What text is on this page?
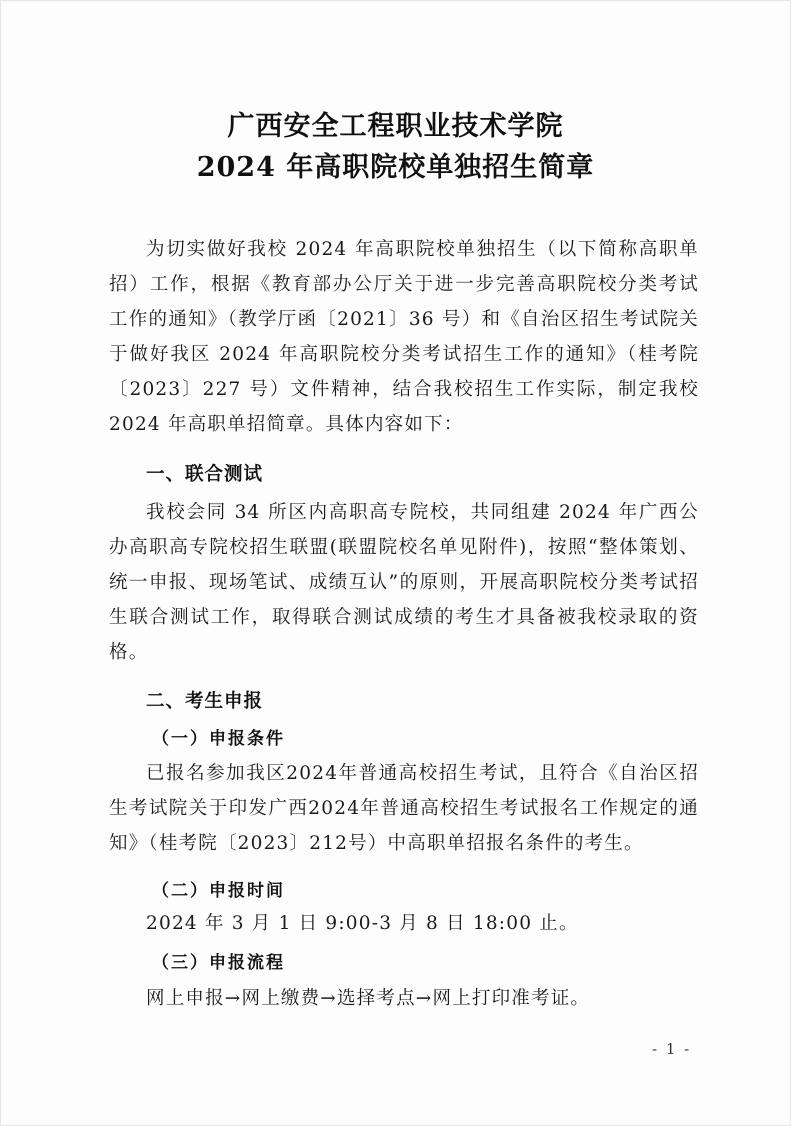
广西安全工程职业技术学院
2024 年高职院校单独招生简章

为切实做好我校 2024 年高职院校单独招生（以下简称高职单招）工作，根据《教育部办公厅关于进一步完善高职院校分类考试工作的通知》（教学厅函〔2021〕36 号）和《自治区招生考试院关于做好我区 2024 年高职院校分类考试招生工作的通知》（桂考院〔2023〕227 号）文件精神，结合我校招生工作实际，制定我校 2024 年高职单招简章。具体内容如下：

一、联合测试

我校会同 34 所区内高职高专院校，共同组建 2024 年广西公办高职高专院校招生联盟(联盟院校名单见附件)，按照“整体策划、统一申报、现场笔试、成绩互认”的原则，开展高职院校分类考试招生联合测试工作，取得联合测试成绩的考生才具备被我校录取的资格。

二、考生申报
（一）申报条件

已报名参加我区2024年普通高校招生考试，且符合《自治区招生考试院关于印发广西2024年普通高校招生考试报名工作规定的通知》（桂考院〔2023〕212号）中高职单招报名条件的考生。

（二）申报时间

2024 年 3 月 1 日 9:00-3 月 8 日 18:00 止。

（三）申报流程

网上申报→网上缴费→选择考点→网上打印准考证。

- 1 -
